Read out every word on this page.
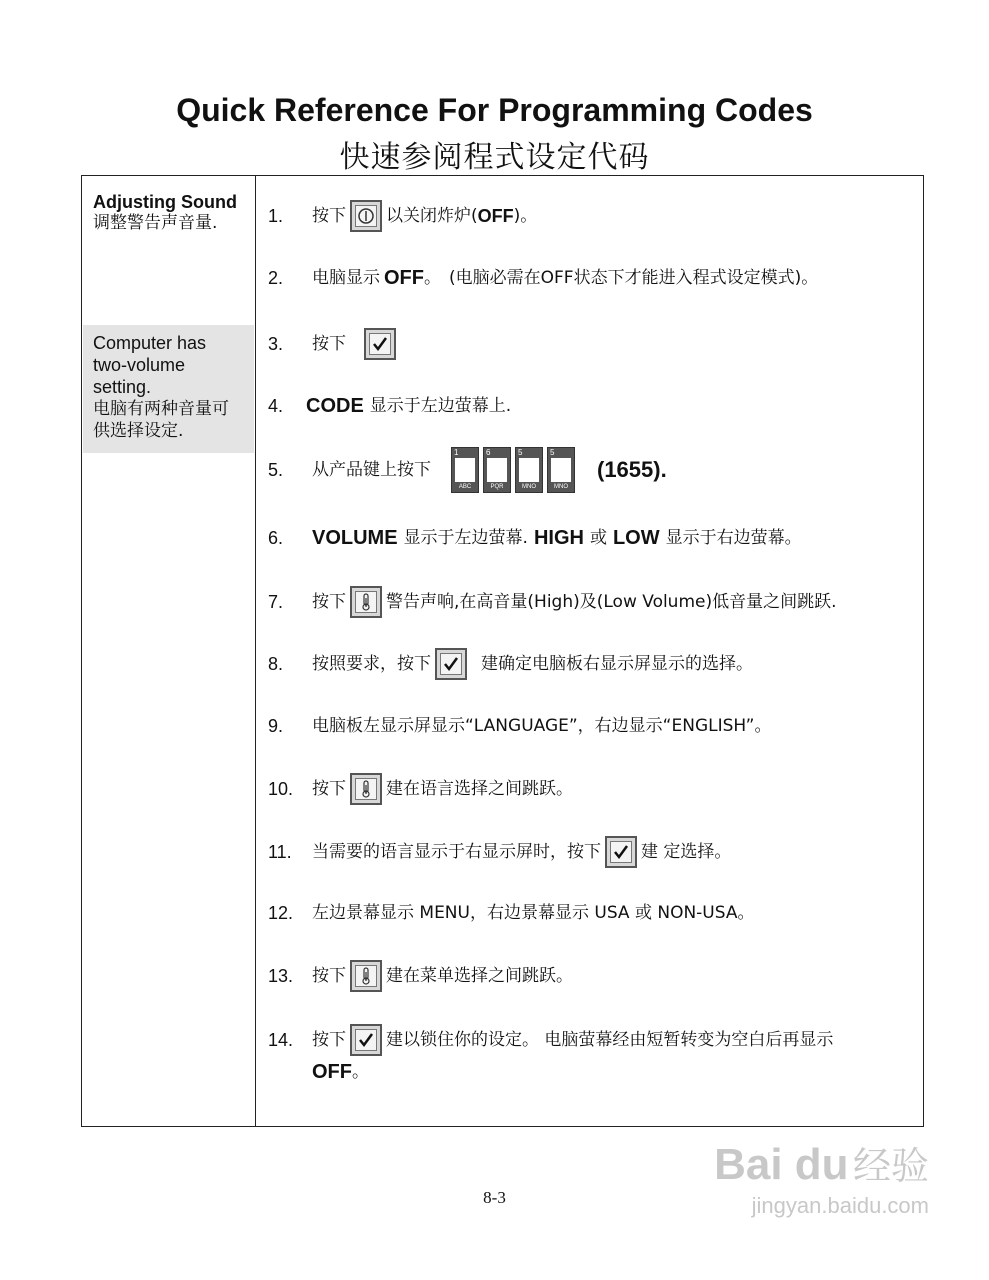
Quick Reference For Programming Codes
快速参阅程式设定代码
Adjusting Sound
调整警告声音量.
Computer has two-volume setting.
电脑有两种音量可供选择设定.
1.	按下 以关闭炸炉( OFF )。
2.	电脑显示 OFF 。 (电脑必需在OFF状态下才能进入程式设定模式)。
3.	按下
4.	CODE 显示于左边萤幕上.
5.	从产品键上按下
1
ABC
6
PQR
5
MNO
5
MNO
(1655).
6.	VOLUME 显示于左边萤幕. HIGH 或 LOW 显示于右边萤幕。
7.	按下 警告声响,在高音量(High)及(Low Volume)低音量之间跳跃.
8.	按照要求，按下	建确定电脑板右显示屏显示的选择。
9.	电脑板左显示屏显示“LANGUAGE”，右边显示“ENGLISH”。
10.	按下 建在语言选择之间跳跃。
11.	当需要的语言显示于右显示屏时，按下 建 定选择。
12.	左边景幕显示 MENU，右边景幕显示 USA 或 NON-USA。
13.	按下 建在菜单选择之间跳跃。
14.	按下 建以锁住你的设定。 电脑萤幕经由短暂转变为空白后再显示
OFF 。
8-3
Bai du 经验
jingyan.baidu.com
